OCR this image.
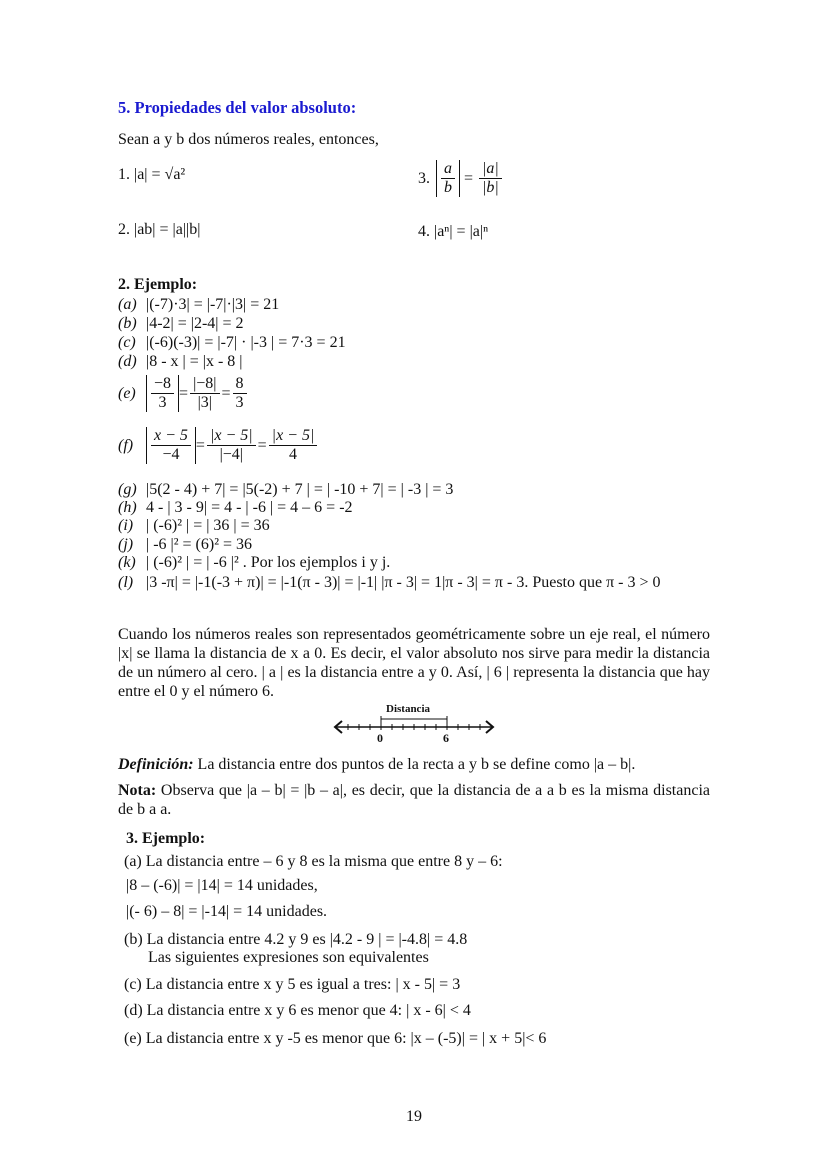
5. Propiedades del valor absoluto:
Sean a y b dos números reales, entonces,
1. |a| = √a²	3. $\frac{a}{b} = \frac{|a|}{|b|}$
2. |ab| = |a||b|	4. |aⁿ| = |a|ⁿ
2. Ejemplo:
(a) |(-7)·3| = |-7|·|3| = 21
(b) |4-2| = |2-4| = 2
(c) |(-6)(-3)| = |-7| · |-3 | = 7·3 = 21
(d) |8 - x | = |x - 8 |
$(e) \frac{-8}{3} = \frac{|-8|}{|3|} = \frac{8}{3}$
(f)	$\frac{x - 5}{-4} = \frac{|x - 5|}{|-4|} = \frac{|x - 5|}{4}$
(g) |5(2 - 4) + 7| = |5(-2) + 7 | = | -10 + 7| = | -3 | = 3
(h) 4 - | 3 - 9| = 4 - | -6 | = 4 – 6 = -2
(i) | (-6)² | = | 36 | = 36
(j) | -6 |² = (6)² = 36
(k) | (-6)² | = | -6 |² . Por los ejemplos i y j.
(l) |3 -π| = |-1(-3 + π)| = |-1(π - 3)| = |-1| |π - 3| = 1|π - 3| = π - 3. Puesto que π - 3 > 0
Cuando los números reales son representados geométricamente sobre un eje real, el número |x| se llama la distancia de x a 0. Es decir, el valor absoluto nos sirve para medir la distancia de un número al cero. | a | es la distancia entre a y 0. Así, | 6 | representa la distancia que hay entre el 0 y el número 6.
Distancia
0	6
Definición: La distancia entre dos puntos de la recta a y b se define como |a – b|.
Nota: Observa que |a – b| = |b – a|, es decir, que la distancia de a a b es la misma distancia de b a a.
3. Ejemplo:
(a) La distancia entre – 6 y 8 es la misma que entre 8 y – 6:
|8 – (-6)| = |14| = 14 unidades,
|(- 6) – 8| = |-14| = 14 unidades.
(b) La distancia entre 4.2 y 9 es |4.2 - 9 | = |-4.8| = 4.8
Las siguientes expresiones son equivalentes
(c) La distancia entre x y 5 es igual a tres: | x - 5| = 3
(d) La distancia entre x y 6 es menor que 4: | x - 6| < 4
(e) La distancia entre x y -5 es menor que 6: |x – (-5)| = | x + 5|< 6
19
